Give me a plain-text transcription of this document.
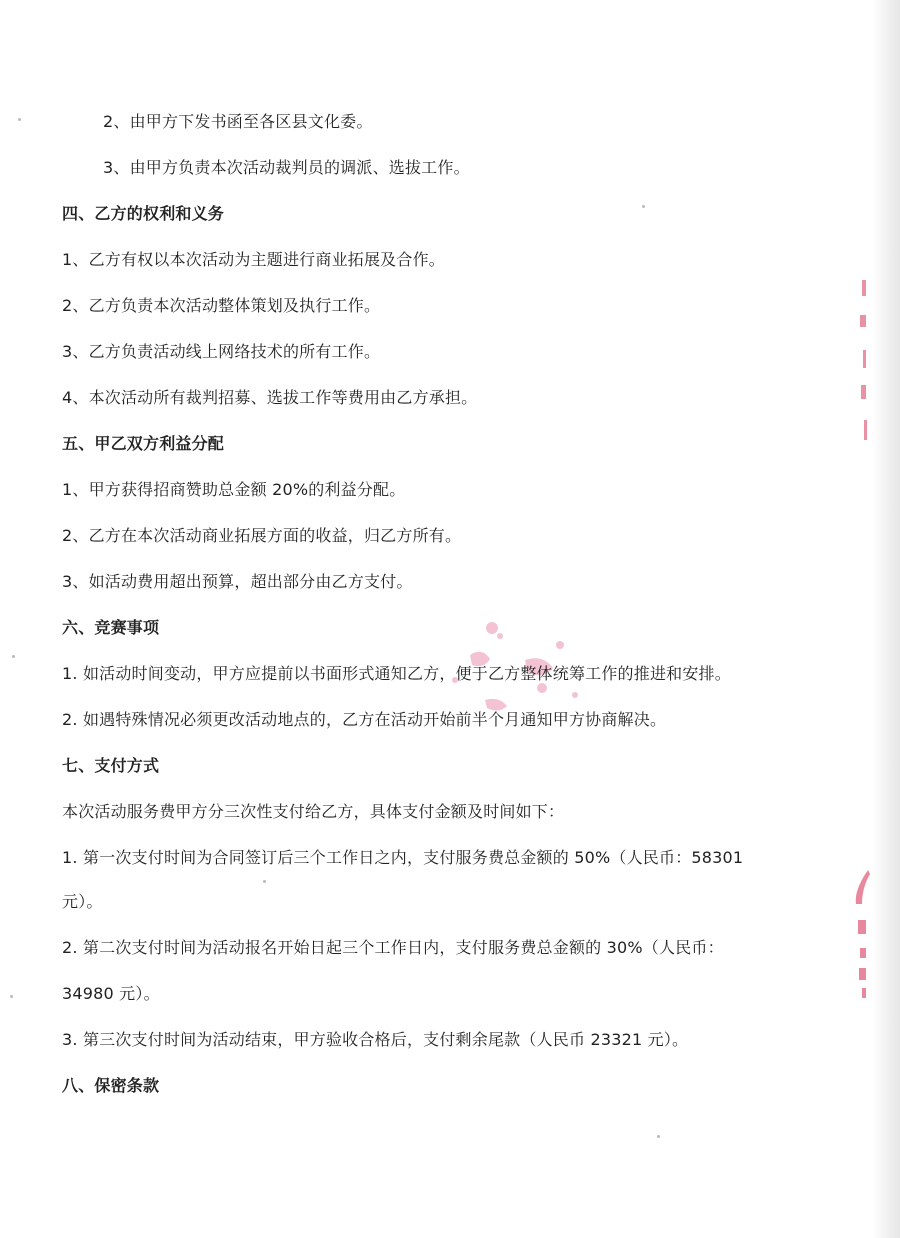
2、由甲方下发书函至各区县文化委。
3、由甲方负责本次活动裁判员的调派、选拔工作。
四、乙方的权利和义务
1、乙方有权以本次活动为主题进行商业拓展及合作。
2、乙方负责本次活动整体策划及执行工作。
3、乙方负责活动线上网络技术的所有工作。
4、本次活动所有裁判招募、选拔工作等费用由乙方承担。
五、甲乙双方利益分配
1、甲方获得招商赞助总金额 20%的利益分配。
2、乙方在本次活动商业拓展方面的收益，归乙方所有。
3、如活动费用超出预算，超出部分由乙方支付。
六、竞赛事项
1. 如活动时间变动，甲方应提前以书面形式通知乙方，便于乙方整体统筹工作的推进和安排。
2. 如遇特殊情况必须更改活动地点的，乙方在活动开始前半个月通知甲方协商解决。
七、支付方式
本次活动服务费甲方分三次性支付给乙方，具体支付金额及时间如下：
1. 第一次支付时间为合同签订后三个工作日之内，支付服务费总金额的 50%（人民币：58301
元）。
2. 第二次支付时间为活动报名开始日起三个工作日内，支付服务费总金额的 30%（人民币：
34980 元）。
3. 第三次支付时间为活动结束，甲方验收合格后，支付剩余尾款（人民币 23321 元）。
八、保密条款
